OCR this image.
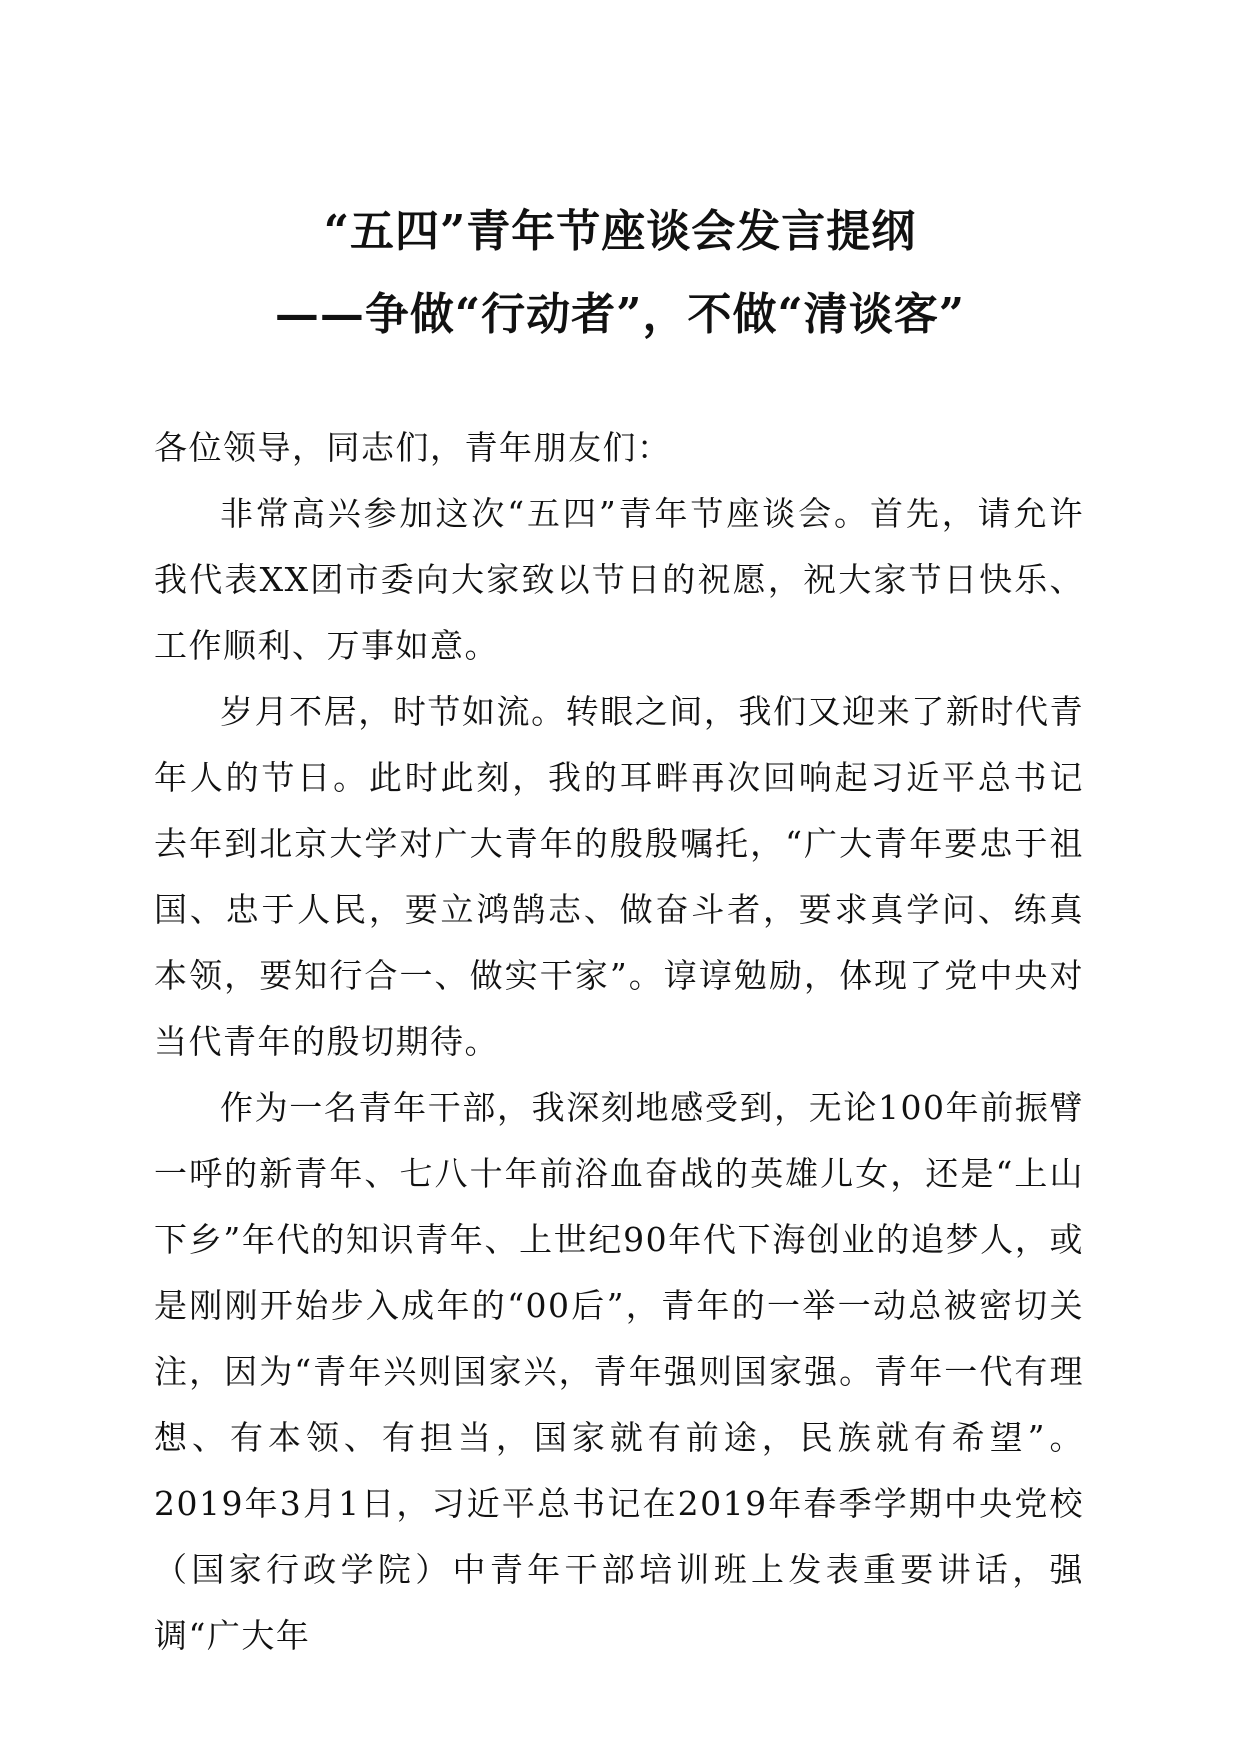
“五四”青年节座谈会发言提纲
——争做“行动者”，不做“清谈客”

各位领导，同志们，青年朋友们：

非常高兴参加这次“五四”青年节座谈会。首先，请允许我代表XX团市委向大家致以节日的祝愿，祝大家节日快乐、工作顺利、万事如意。

岁月不居，时节如流。转眼之间，我们又迎来了新时代青年人的节日。此时此刻，我的耳畔再次回响起习近平总书记去年到北京大学对广大青年的殷殷嘱托，“广大青年要忠于祖国、忠于人民，要立鸿鹄志、做奋斗者，要求真学问、练真本领，要知行合一、做实干家”。谆谆勉励，体现了党中央对当代青年的殷切期待。

作为一名青年干部，我深刻地感受到，无论100年前振臂一呼的新青年、七八十年前浴血奋战的英雄儿女，还是“上山下乡”年代的知识青年、上世纪90年代下海创业的追梦人，或是刚刚开始步入成年的“00后”，青年的一举一动总被密切关注，因为“青年兴则国家兴，青年强则国家强。青年一代有理想、有本领、有担当，国家就有前途，民族就有希望”。2019年3月1日，习近平总书记在2019年春季学期中央党校（国家行政学院）中青年干部培训班上发表重要讲话，强调“广大年
